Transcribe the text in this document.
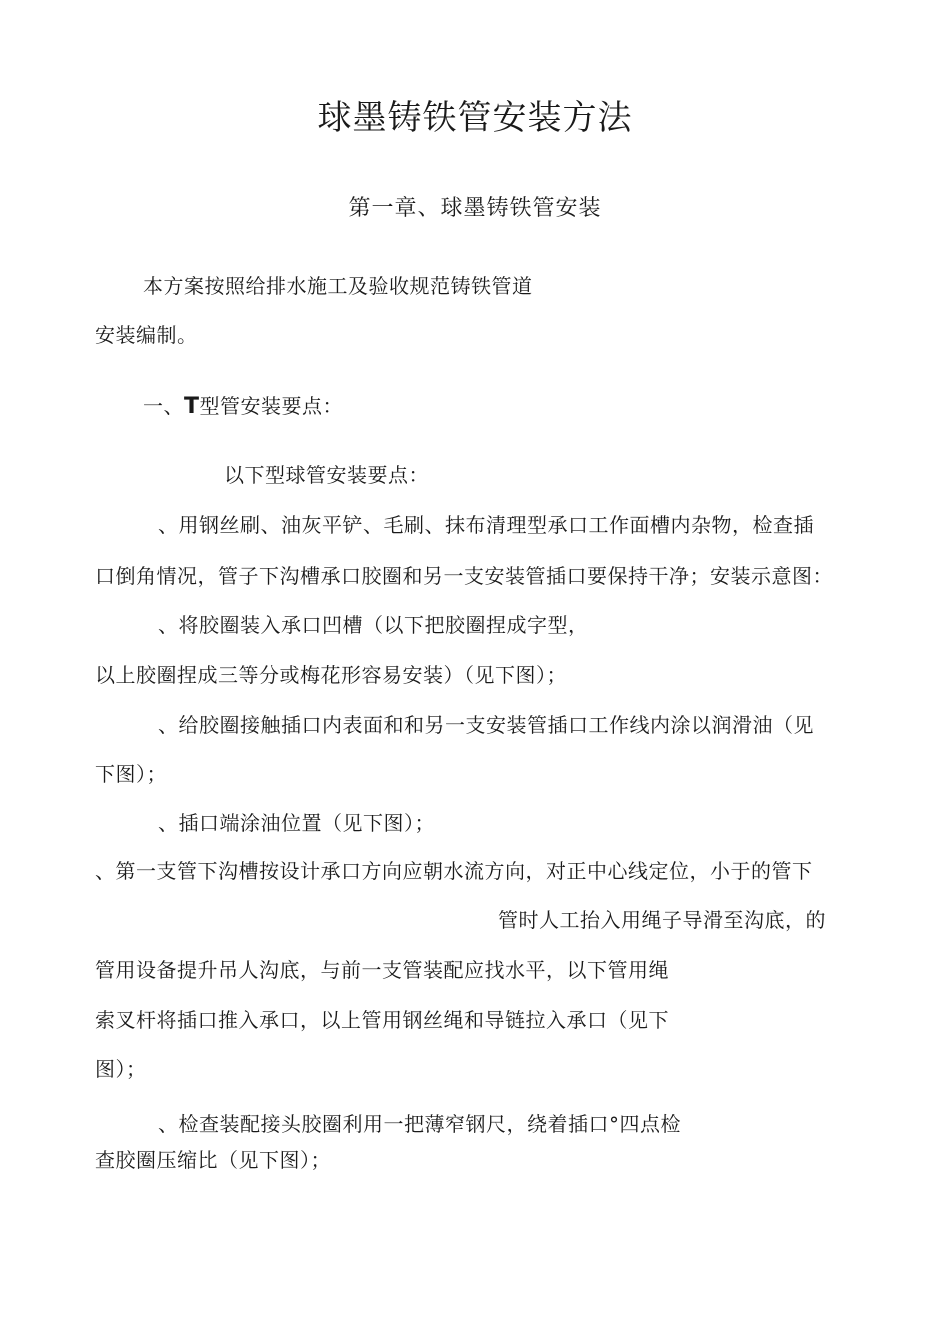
球墨铸铁管安装方法
第一章、球墨铸铁管安装
本方案按照给排水施工及验收规范铸铁管道
安装编制。
一、T型管安装要点：
以下型球管安装要点：
、用钢丝刷、油灰平铲、毛刷、抹布清理型承口工作面槽内杂物，检查插
口倒角情况，管子下沟槽承口胶圈和另一支安装管插口要保持干净；安装示意图：
、将胶圈装入承口凹槽（以下把胶圈捏成字型，
以上胶圈捏成三等分或梅花形容易安装）（见下图）；
、给胶圈接触插口内表面和和另一支安装管插口工作线内涂以润滑油（见
下图）；
、插口端涂油位置（见下图）；
、第一支管下沟槽按设计承口方向应朝水流方向，对正中心线定位，小于的管下
管时人工抬入用绳子导滑至沟底，的
管用设备提升吊人沟底，与前一支管装配应找水平，以下管用绳
索叉杆将插口推入承口，以上管用钢丝绳和导链拉入承口（见下
图）；
、检查装配接头胶圈利用一把薄窄钢尺，绕着插口°四点检
查胶圈压缩比（见下图）；
